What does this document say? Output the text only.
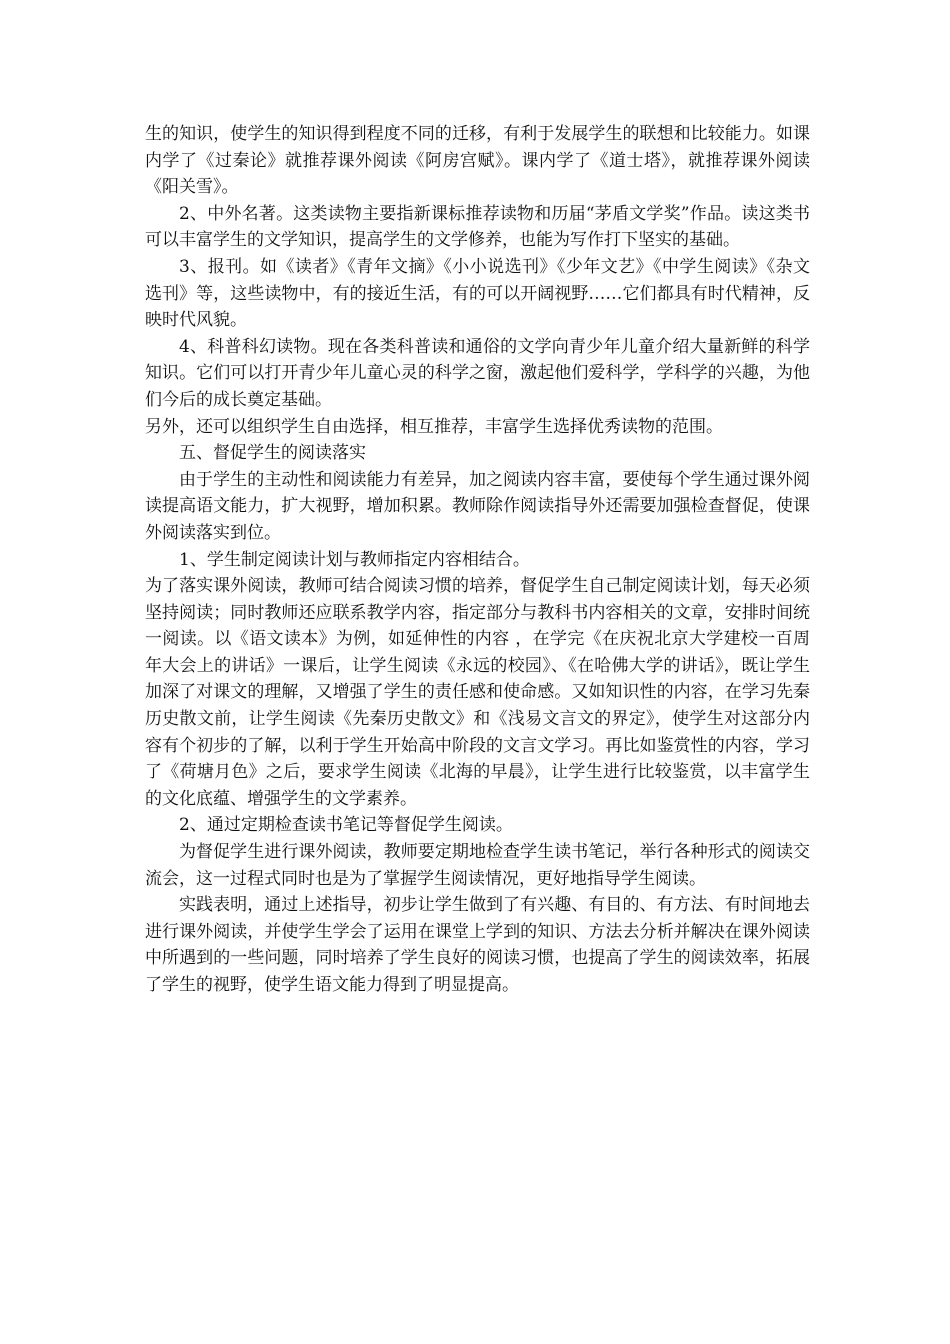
生的知识，使学生的知识得到程度不同的迁移，有利于发展学生的联想和比较能力。如课内学了《过秦论》就推荐课外阅读《阿房宫赋》。课内学了《道士塔》，就推荐课外阅读《阳关雪》。

2、中外名著。这类读物主要指新课标推荐读物和历届“茅盾文学奖”作品。读这类书可以丰富学生的文学知识，提高学生的文学修养，也能为写作打下坚实的基础。

3、报刊。如《读者》《青年文摘》《小小说选刊》《少年文艺》《中学生阅读》《杂文选刊》等，这些读物中，有的接近生活，有的可以开阔视野……它们都具有时代精神，反映时代风貌。

4、科普科幻读物。现在各类科普读和通俗的文学向青少年儿童介绍大量新鲜的科学知识。它们可以打开青少年儿童心灵的科学之窗，激起他们爱科学，学科学的兴趣，为他们今后的成长奠定基础。

另外，还可以组织学生自由选择，相互推荐，丰富学生选择优秀读物的范围。

五、督促学生的阅读落实

由于学生的主动性和阅读能力有差异，加之阅读内容丰富，要使每个学生通过课外阅读提高语文能力，扩大视野，增加积累。教师除作阅读指导外还需要加强检查督促，使课外阅读落实到位。

1、学生制定阅读计划与教师指定内容相结合。

为了落实课外阅读，教师可结合阅读习惯的培养，督促学生自己制定阅读计划，每天必须坚持阅读；同时教师还应联系教学内容，指定部分与教科书内容相关的文章，安排时间统一阅读。以《语文读本》为例，如延伸性的内容 ，在学完《在庆祝北京大学建校一百周年大会上的讲话》一课后，让学生阅读《永远的校园》、《在哈佛大学的讲话》，既让学生加深了对课文的理解，又增强了学生的责任感和使命感。又如知识性的内容，在学习先秦历史散文前，让学生阅读《先秦历史散文》和《浅易文言文的界定》，使学生对这部分内容有个初步的了解，以利于学生开始高中阶段的文言文学习。再比如鉴赏性的内容，学习了《荷塘月色》之后，要求学生阅读《北海的早晨》，让学生进行比较鉴赏，以丰富学生的文化底蕴、增强学生的文学素养。

2、通过定期检查读书笔记等督促学生阅读。

为督促学生进行课外阅读，教师要定期地检查学生读书笔记，举行各种形式的阅读交流会，这一过程式同时也是为了掌握学生阅读情况，更好地指导学生阅读。

实践表明，通过上述指导，初步让学生做到了有兴趣、有目的、有方法、有时间地去进行课外阅读，并使学生学会了运用在课堂上学到的知识、方法去分析并解决在课外阅读中所遇到的一些问题，同时培养了学生良好的阅读习惯，也提高了学生的阅读效率，拓展了学生的视野，使学生语文能力得到了明显提高。
